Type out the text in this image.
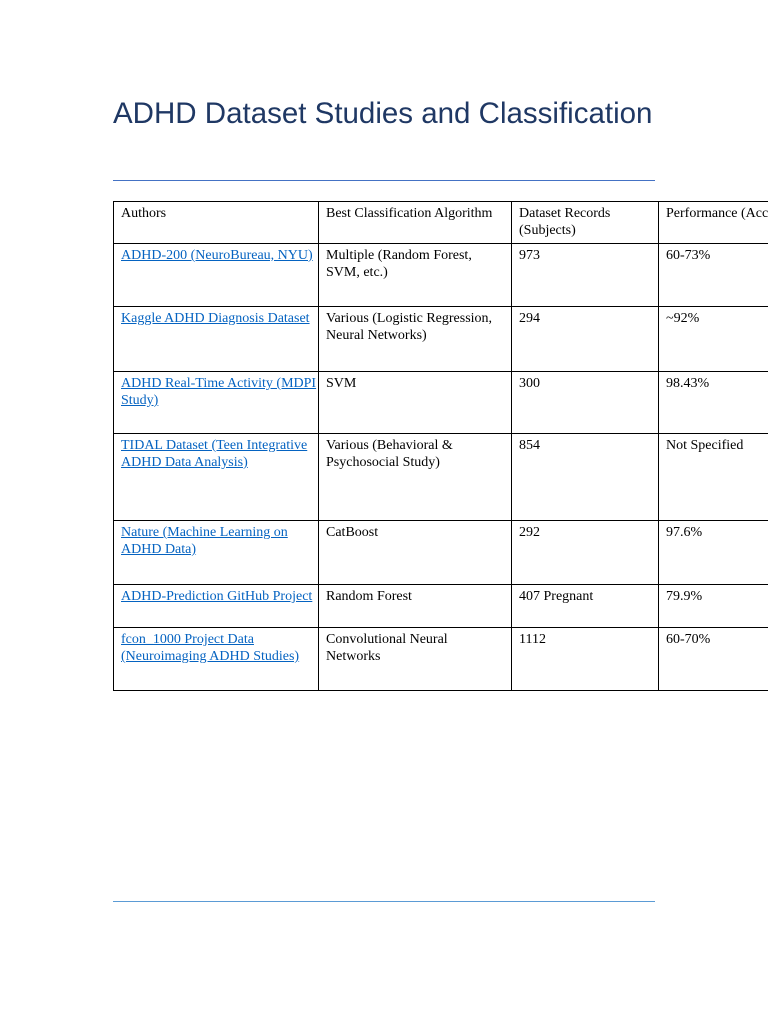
ADHD Dataset Studies and Classification
Authors	Best Classification Algorithm	Dataset Records (Subjects)	Performance (Acc
ADHD-200 (NeuroBureau, NYU)	Multiple (Random Forest, SVM, etc.)	973	60-73%
Kaggle ADHD Diagnosis Dataset	Various (Logistic Regression, Neural Networks)	294	~92%
ADHD Real-Time Activity (MDPI Study)	SVM	300	98.43%
TIDAL Dataset (Teen Integrative ADHD Data Analysis)	Various (Behavioral & Psychosocial Study)	854	Not Specified
Nature (Machine Learning on ADHD Data)	CatBoost	292	97.6%
ADHD-Prediction GitHub Project	Random Forest	407 Pregnant	79.9%
fcon_1000 Project Data (Neuroimaging ADHD Studies)	Convolutional Neural Networks	1112	60-70%
